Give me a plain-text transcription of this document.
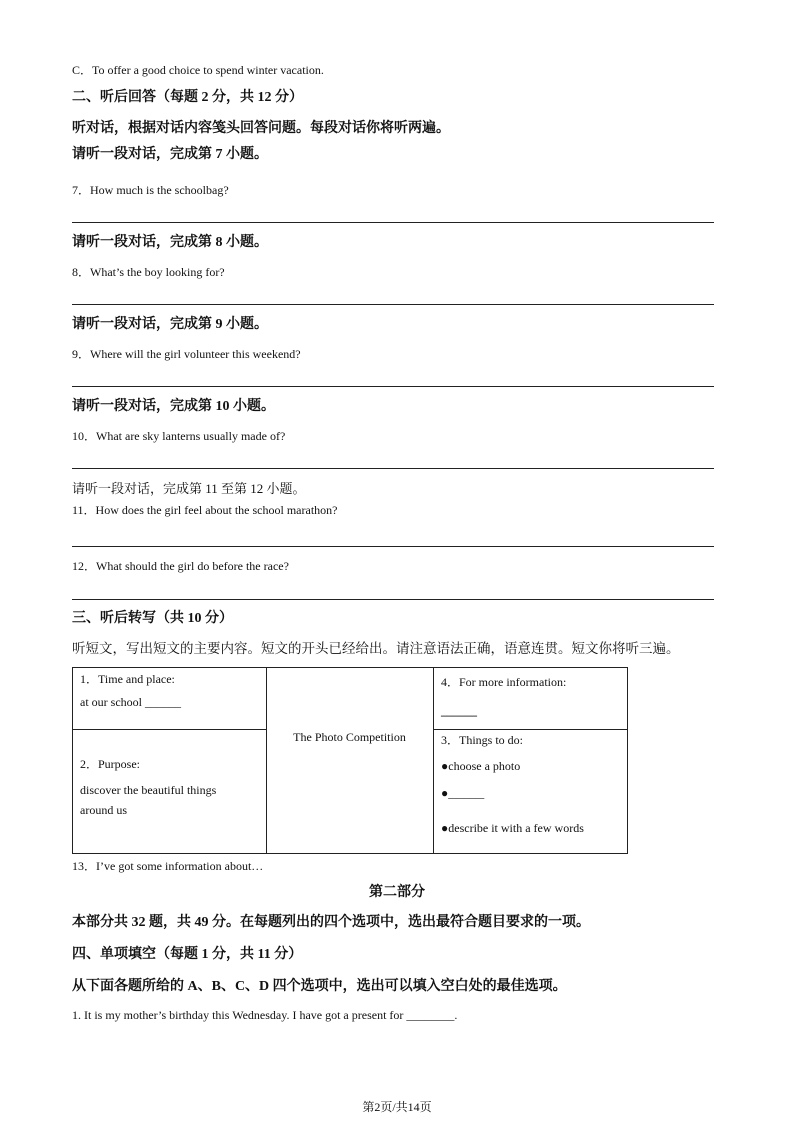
C．To offer a good choice to spend winter vacation.
二、听后回答（每题 2 分，共 12 分）
听对话，根据对话内容笺头回答问题。每段对话你将听两遍。
请听一段对话，完成第 7 小题。
7．How much is the schoolbag?
请听一段对话，完成第 8 小题。
8．What’s the boy looking for?
请听一段对话，完成第 9 小题。
9．Where will the girl volunteer this weekend?
请听一段对话，完成第 10 小题。
10．What are sky lanterns usually made of?
请听一段对话，完成第 11 至第 12 小题。
11．How does the girl feel about the school marathon?
12．What should the girl do before the race?
三、听后转写（共 10 分）
听短文，写出短文的主要内容。短文的开头已经给出。请注意语法正确，语意连贯。短文你将听三遍。
1．Time and place:
at our school ______
2．Purpose:
discover the beautiful things
around us
The Photo Competition
4．For more information:
______
3．Things to do:
●choose a photo
●______
●describe it with a few words
13．I’ve got some information about…
第二部分
本部分共 32 题，共 49 分。在每题列出的四个选项中，选出最符合题目要求的一项。
四、单项填空（每题 1 分，共 11 分）
从下面各题所给的 A、B、C、D 四个选项中，选出可以填入空白处的最佳选项。
1. It is my mother’s birthday this Wednesday. I have got a present for ________.
第2页/共14页
